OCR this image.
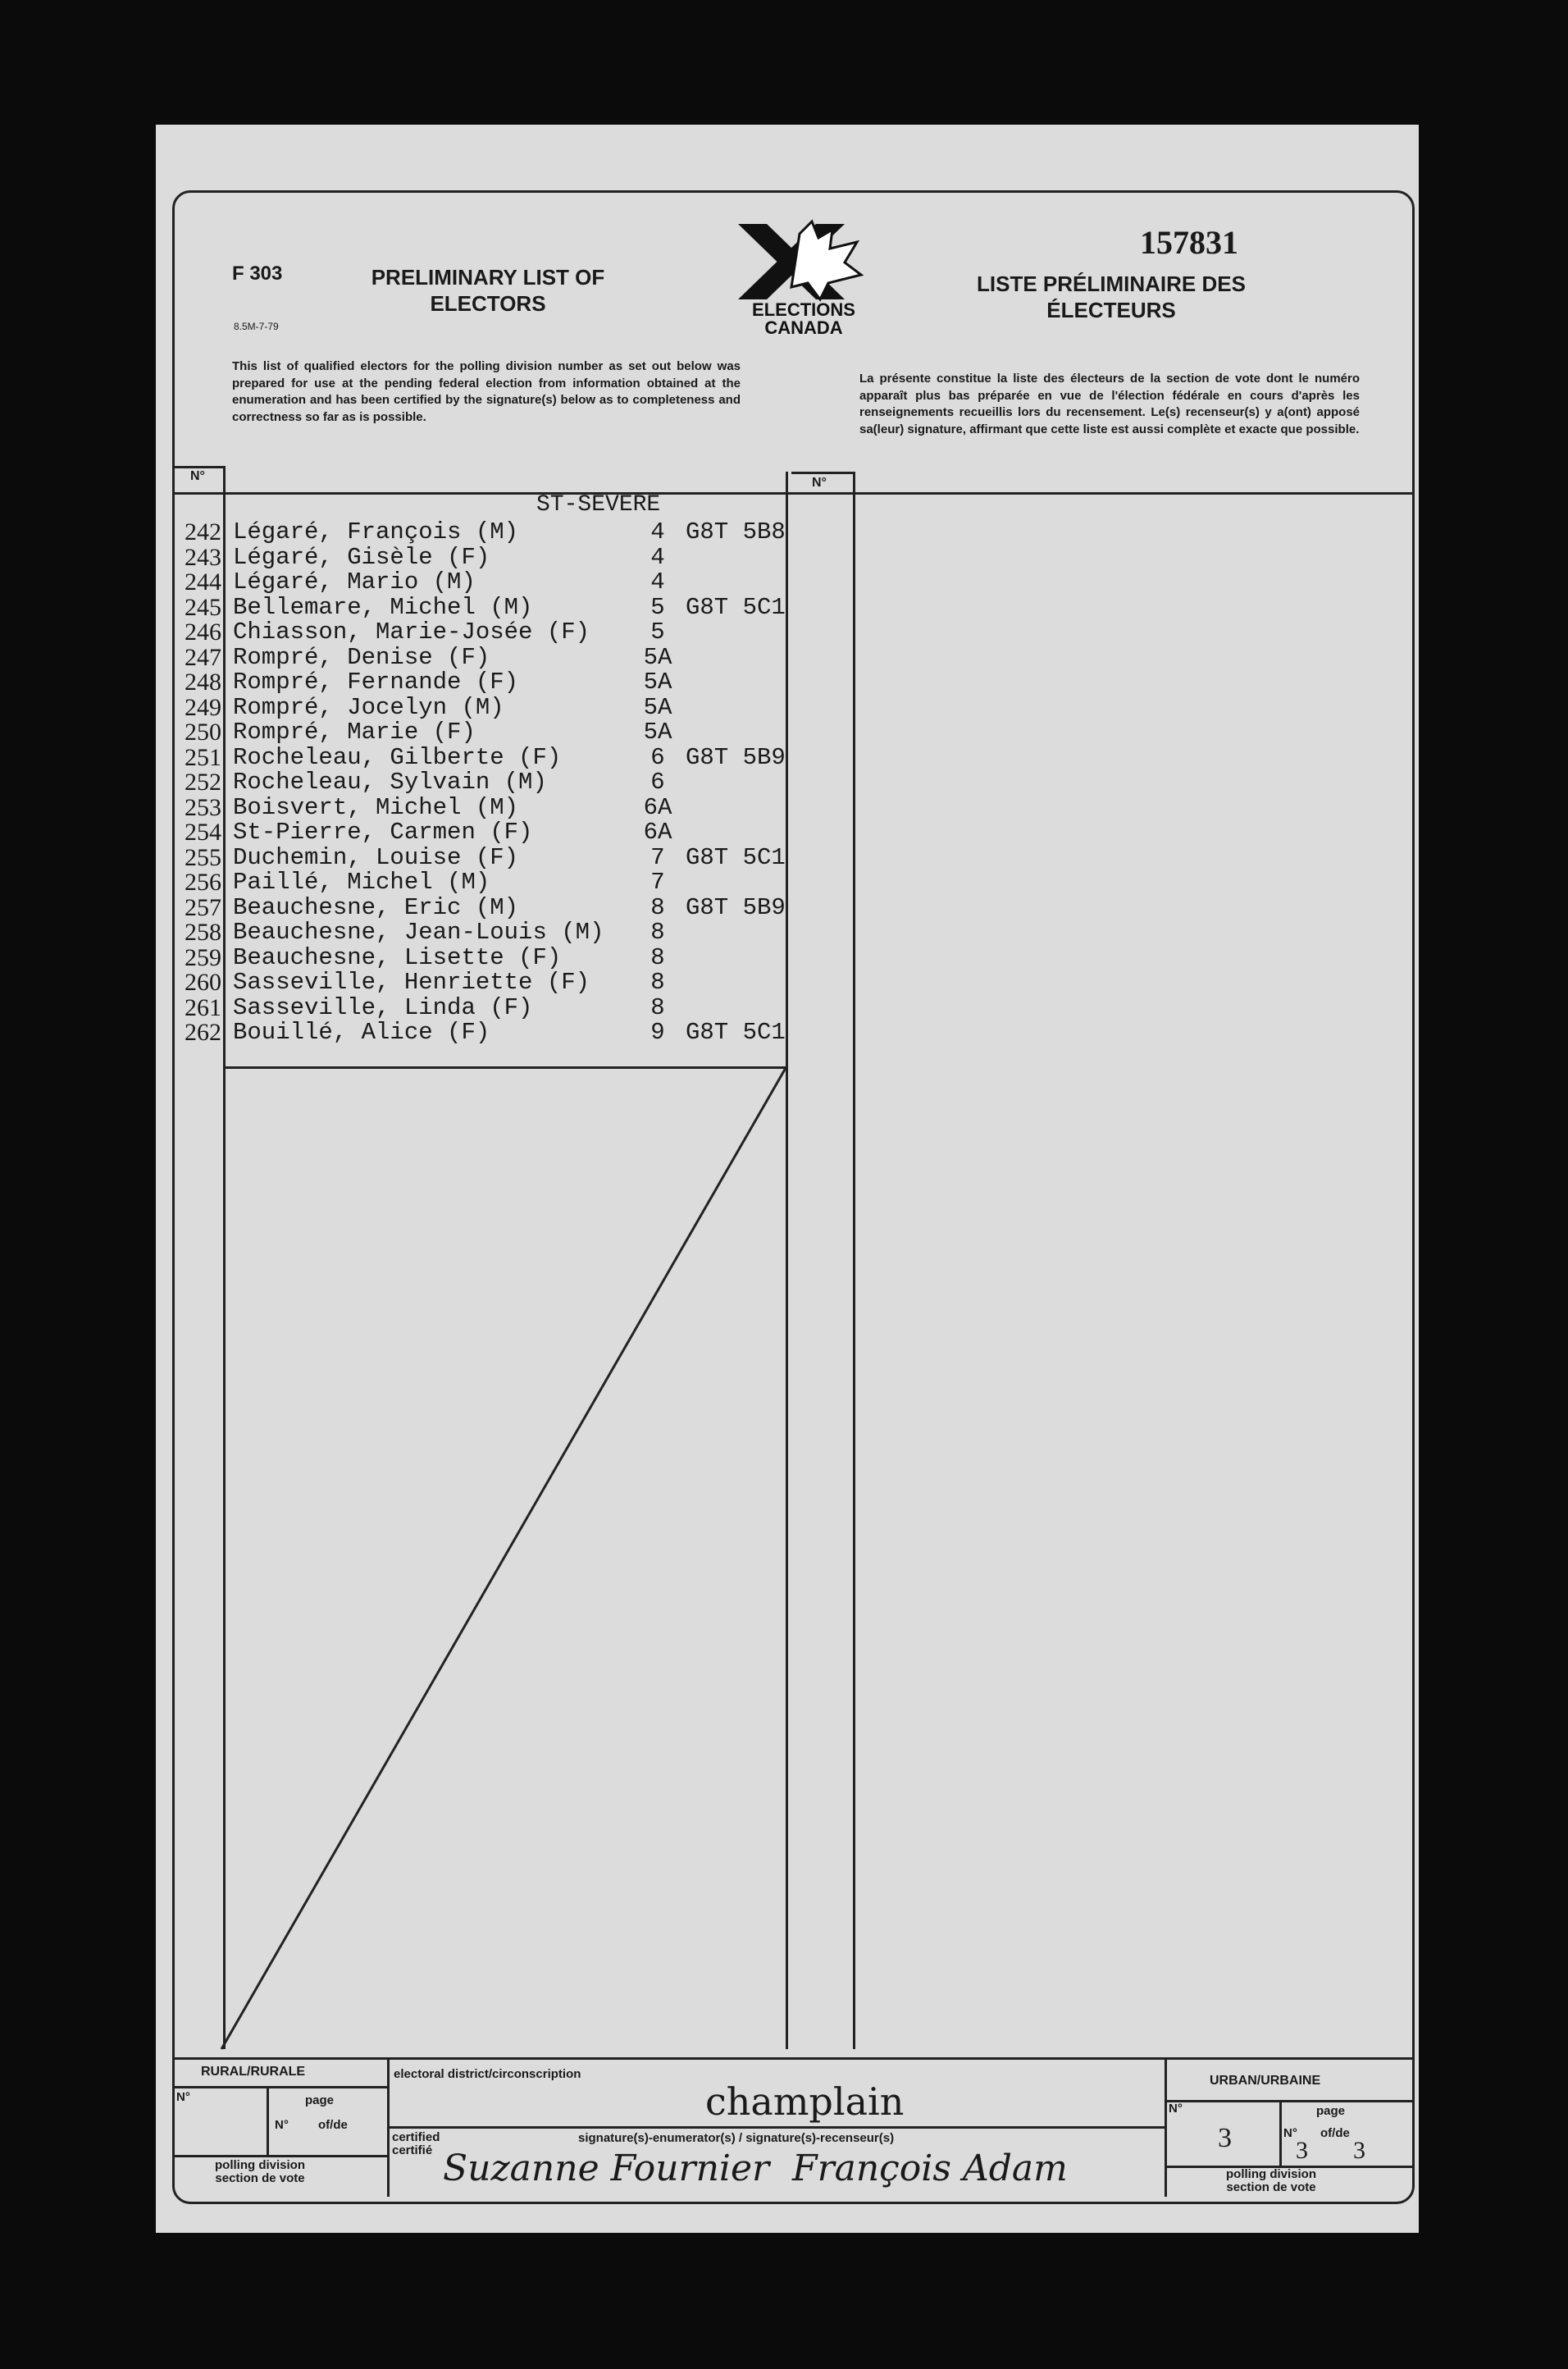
F 303
8.5M-7-79
PRELIMINARY LIST OF
ELECTORS	ELECTIONS
CANADA
157831
LISTE PRÉLIMINAIRE DES
ÉLECTEURS
This list of qualified electors for the polling division number as set out below was prepared for use at the pending federal election from information obtained at the enumeration and has been certified by the signature(s) below as to completeness and correctness so far as is possible.
La présente constitue la liste des électeurs de la section de vote dont le numéro apparaît plus bas préparée en vue de l'élection fédérale en cours d'après les renseignements recueillis lors du recensement. Le(s) recenseur(s) y a(ont) apposé sa(leur) signature, affirmant que cette liste est aussi complète et exacte que possible.
N°	N°
ST-SEVERE
242 Légaré, François (M)	4 G8T 5B8
243 Légaré, Gisèle (F)	4
244 Légaré, Mario (M)	4
245 Bellemare, Michel (M)	5 G8T 5C1
246 Chiasson, Marie-Josée (F)	5
247 Rompré, Denise (F)	5A
248 Rompré, Fernande (F)	5A
249 Rompré, Jocelyn (M)	5A
250 Rompré, Marie (F)	5A
251 Rocheleau, Gilberte (F)	6 G8T 5B9
252 Rocheleau, Sylvain (M)	6
253 Boisvert, Michel (M)	6A
254 St-Pierre, Carmen (F)	6A
255 Duchemin, Louise (F)	7 G8T 5C1
256 Paillé, Michel (M)	7
257 Beauchesne, Eric (M)	8 G8T 5B9
258 Beauchesne, Jean-Louis (M)	8
259 Beauchesne, Lisette (F)	8
260 Sasseville, Henriette (F)	8
261 Sasseville, Linda (F)	8
262 Bouillé, Alice (F)	9 G8T 5C1
RURAL/RURALE
URBAN/URBAINE
electoral district/circonscription
champlain
N°	page
N° of/de
polling division
section de vote
signature(s)-enumerator(s) / signature(s)-recenseur(s)
certified
certifié Suzanne Fournier  François Adam
N°	page
3	N° of/de
3 3
polling division
section de vote
